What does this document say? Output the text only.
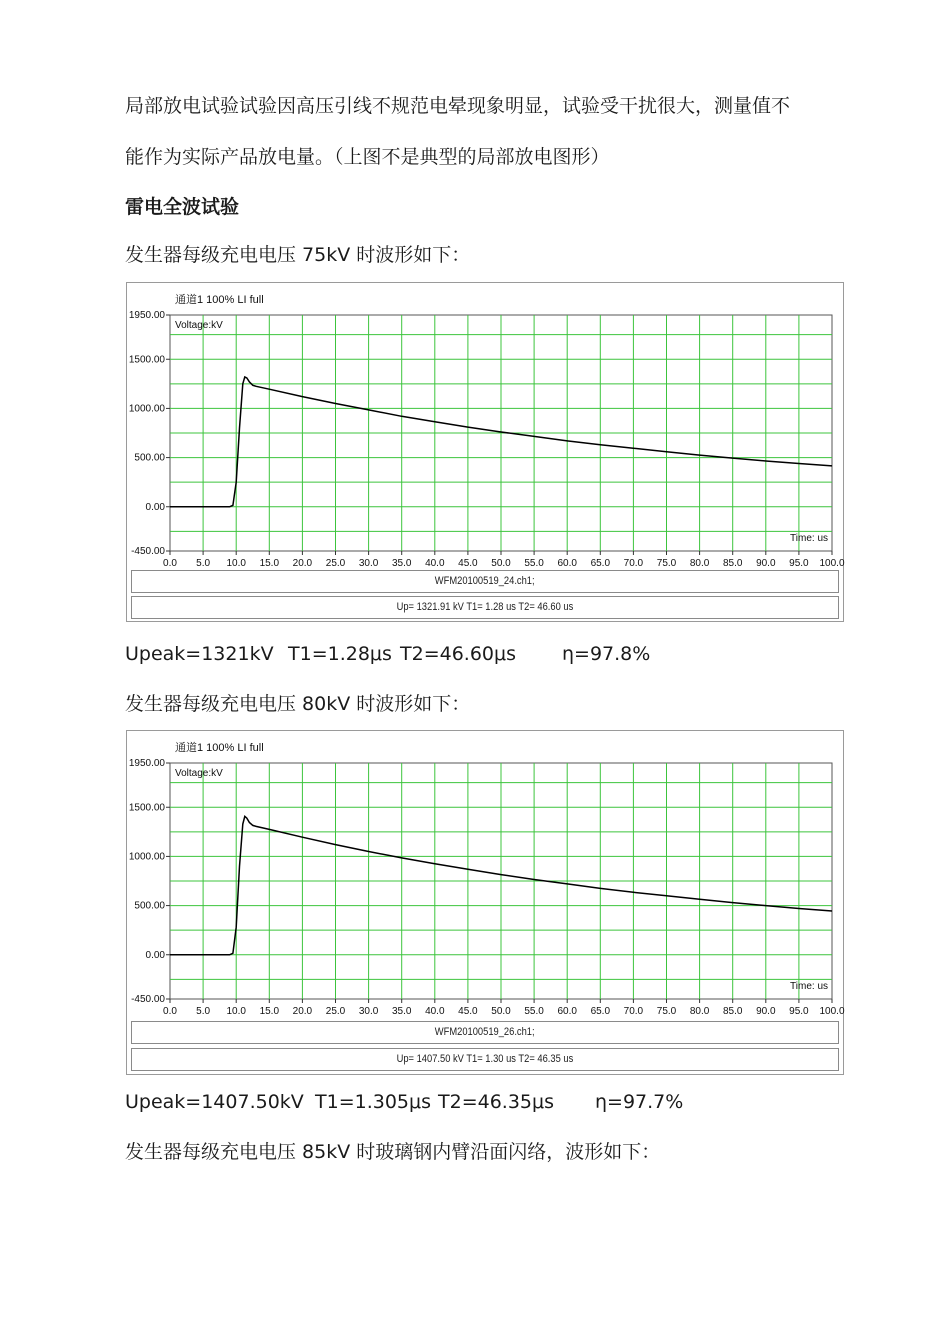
局部放电试验试验因高压引线不规范电晕现象明显，试验受干扰很大，测量值不
能作为实际产品放电量。（上图不是典型的局部放电图形）
雷电全波试验
发生器每级充电电压 75kV 时波形如下：
通道1 100% LI full
0.0 5.0 10.0 15.0 20.0 25.0 30.0 35.0 40.0 45.0 50.0 55.0 60.0 65.0 70.0 75.0 80.0 85.0 90.0 95.0 100.0
1950.00
1500.00
1000.00
500.00
0.00
-450.00
Voltage:kV
Time: us
WFM20100519_24.ch1;
Up= 1321.91 kV T1= 1.28 us T2= 46.60 us
Upeak=1321kV T1=1.28μs T2=46.60μs η=97.8%
发生器每级充电电压 80kV 时波形如下：
通道1 100% LI full
0.0 5.0 10.0 15.0 20.0 25.0 30.0 35.0 40.0 45.0 50.0 55.0 60.0 65.0 70.0 75.0 80.0 85.0 90.0 95.0 100.0
1950.00
1500.00
1000.00
500.00
0.00
-450.00
Voltage:kV
Time: us
WFM20100519_26.ch1;
Up= 1407.50 kV T1= 1.30 us T2= 46.35 us
Upeak=1407.50kV T1=1.305μs T2=46.35μs η=97.7%
发生器每级充电电压 85kV 时玻璃钢内臂沿面闪络，波形如下：
